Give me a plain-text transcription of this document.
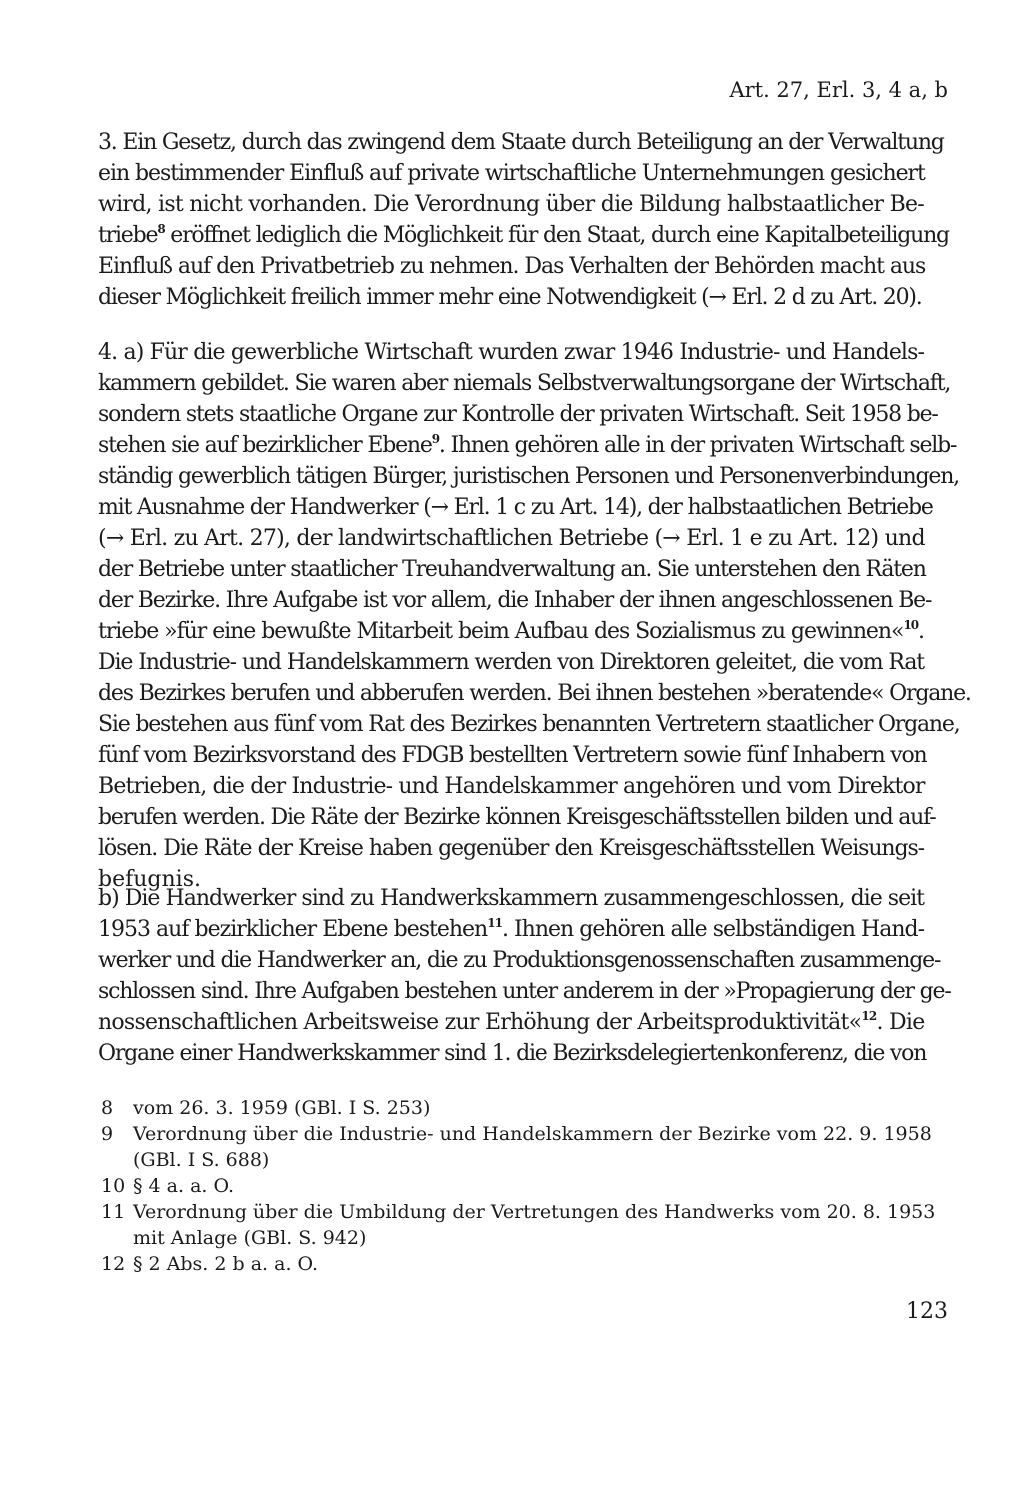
Art. 27, Erl. 3, 4 a, b
3. Ein Gesetz, durch das zwingend dem Staate durch Beteiligung an der Verwaltung
ein bestimmender Einfluß auf private wirtschaftliche Unternehmungen gesichert
wird, ist nicht vorhanden. Die Verordnung über die Bildung halbstaatlicher Be-
triebe$^8$ eröffnet lediglich die Möglichkeit für den Staat, durch eine Kapitalbeteiligung
Einfluß auf den Privatbetrieb zu nehmen. Das Verhalten der Behörden macht aus
dieser Möglichkeit freilich immer mehr eine Notwendigkeit (→ Erl. 2 d zu Art. 20).
4. a) Für die gewerbliche Wirtschaft wurden zwar 1946 Industrie- und Handels-
kammern gebildet. Sie waren aber niemals Selbstverwaltungsorgane der Wirtschaft,
sondern stets staatliche Organe zur Kontrolle der privaten Wirtschaft. Seit 1958 be-
stehen sie auf bezirklicher Ebene$^9$. Ihnen gehören alle in der privaten Wirtschaft selb-
ständig gewerblich tätigen Bürger, juristischen Personen und Personenverbindungen,
mit Ausnahme der Handwerker (→ Erl. 1 c zu Art. 14), der halbstaatlichen Betriebe
(→ Erl. zu Art. 27), der landwirtschaftlichen Betriebe (→ Erl. 1 e zu Art. 12) und
der Betriebe unter staatlicher Treuhandverwaltung an. Sie unterstehen den Räten
der Bezirke. Ihre Aufgabe ist vor allem, die Inhaber der ihnen angeschlossenen Be-
triebe »für eine bewußte Mitarbeit beim Aufbau des Sozialismus zu gewinnen«$^{10}$.
Die Industrie- und Handelskammern werden von Direktoren geleitet, die vom Rat
des Bezirkes berufen und abberufen werden. Bei ihnen bestehen »beratende« Organe.
Sie bestehen aus fünf vom Rat des Bezirkes benannten Vertretern staatlicher Organe,
fünf vom Bezirksvorstand des FDGB bestellten Vertretern sowie fünf Inhabern von
Betrieben, die der Industrie- und Handelskammer angehören und vom Direktor
berufen werden. Die Räte der Bezirke können Kreisgeschäftsstellen bilden und auf-
lösen. Die Räte der Kreise haben gegenüber den Kreisgeschäftsstellen Weisungs-
befugnis.
b) Die Handwerker sind zu Handwerkskammern zusammengeschlossen, die seit
1953 auf bezirklicher Ebene bestehen$^{11}$. Ihnen gehören alle selbständigen Hand-
werker und die Handwerker an, die zu Produktionsgenossenschaften zusammenge-
schlossen sind. Ihre Aufgaben bestehen unter anderem in der »Propagierung der ge-
nossenschaftlichen Arbeitsweise zur Erhöhung der Arbeitsproduktivität«$^{12}$. Die
Organe einer Handwerkskammer sind 1. die Bezirksdelegiertenkonferenz, die von
8	vom 26. 3. 1959 (GBl. I S. 253)
9	Verordnung über die Industrie- und Handelskammern der Bezirke vom 22. 9. 1958 (GBl. I S. 688)
10 § 4 a. a. O.
11 Verordnung über die Umbildung der Vertretungen des Handwerks vom 20. 8. 1953 mit Anlage (GBl. S. 942)
12 § 2 Abs. 2 b a. a. O.
123
